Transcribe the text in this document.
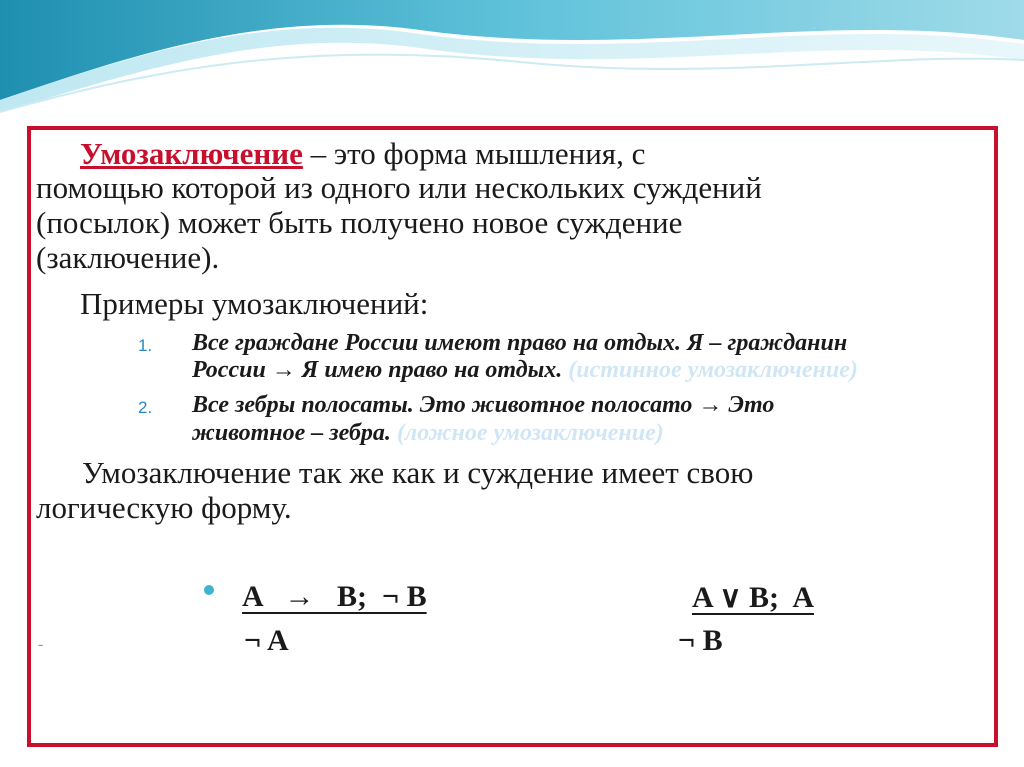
Умозаключение – это форма мышления, с
помощью которой из одного или нескольких суждений
(посылок) может быть получено новое суждение
(заключение).
Примеры умозаключений:
1. Все граждане России имеют право на отдых. Я – гражданин
России → Я имею право на отдых. (истинное умозаключение)
2. Все зебры полосаты. Это животное полосато → Это
животное – зебра. (ложное умозаключение)
Умозаключение так же как и суждение имеет свою
логическую форму.
-
A   →   B;  ¬ B
¬ A
A ∨ B;  A
¬ B
